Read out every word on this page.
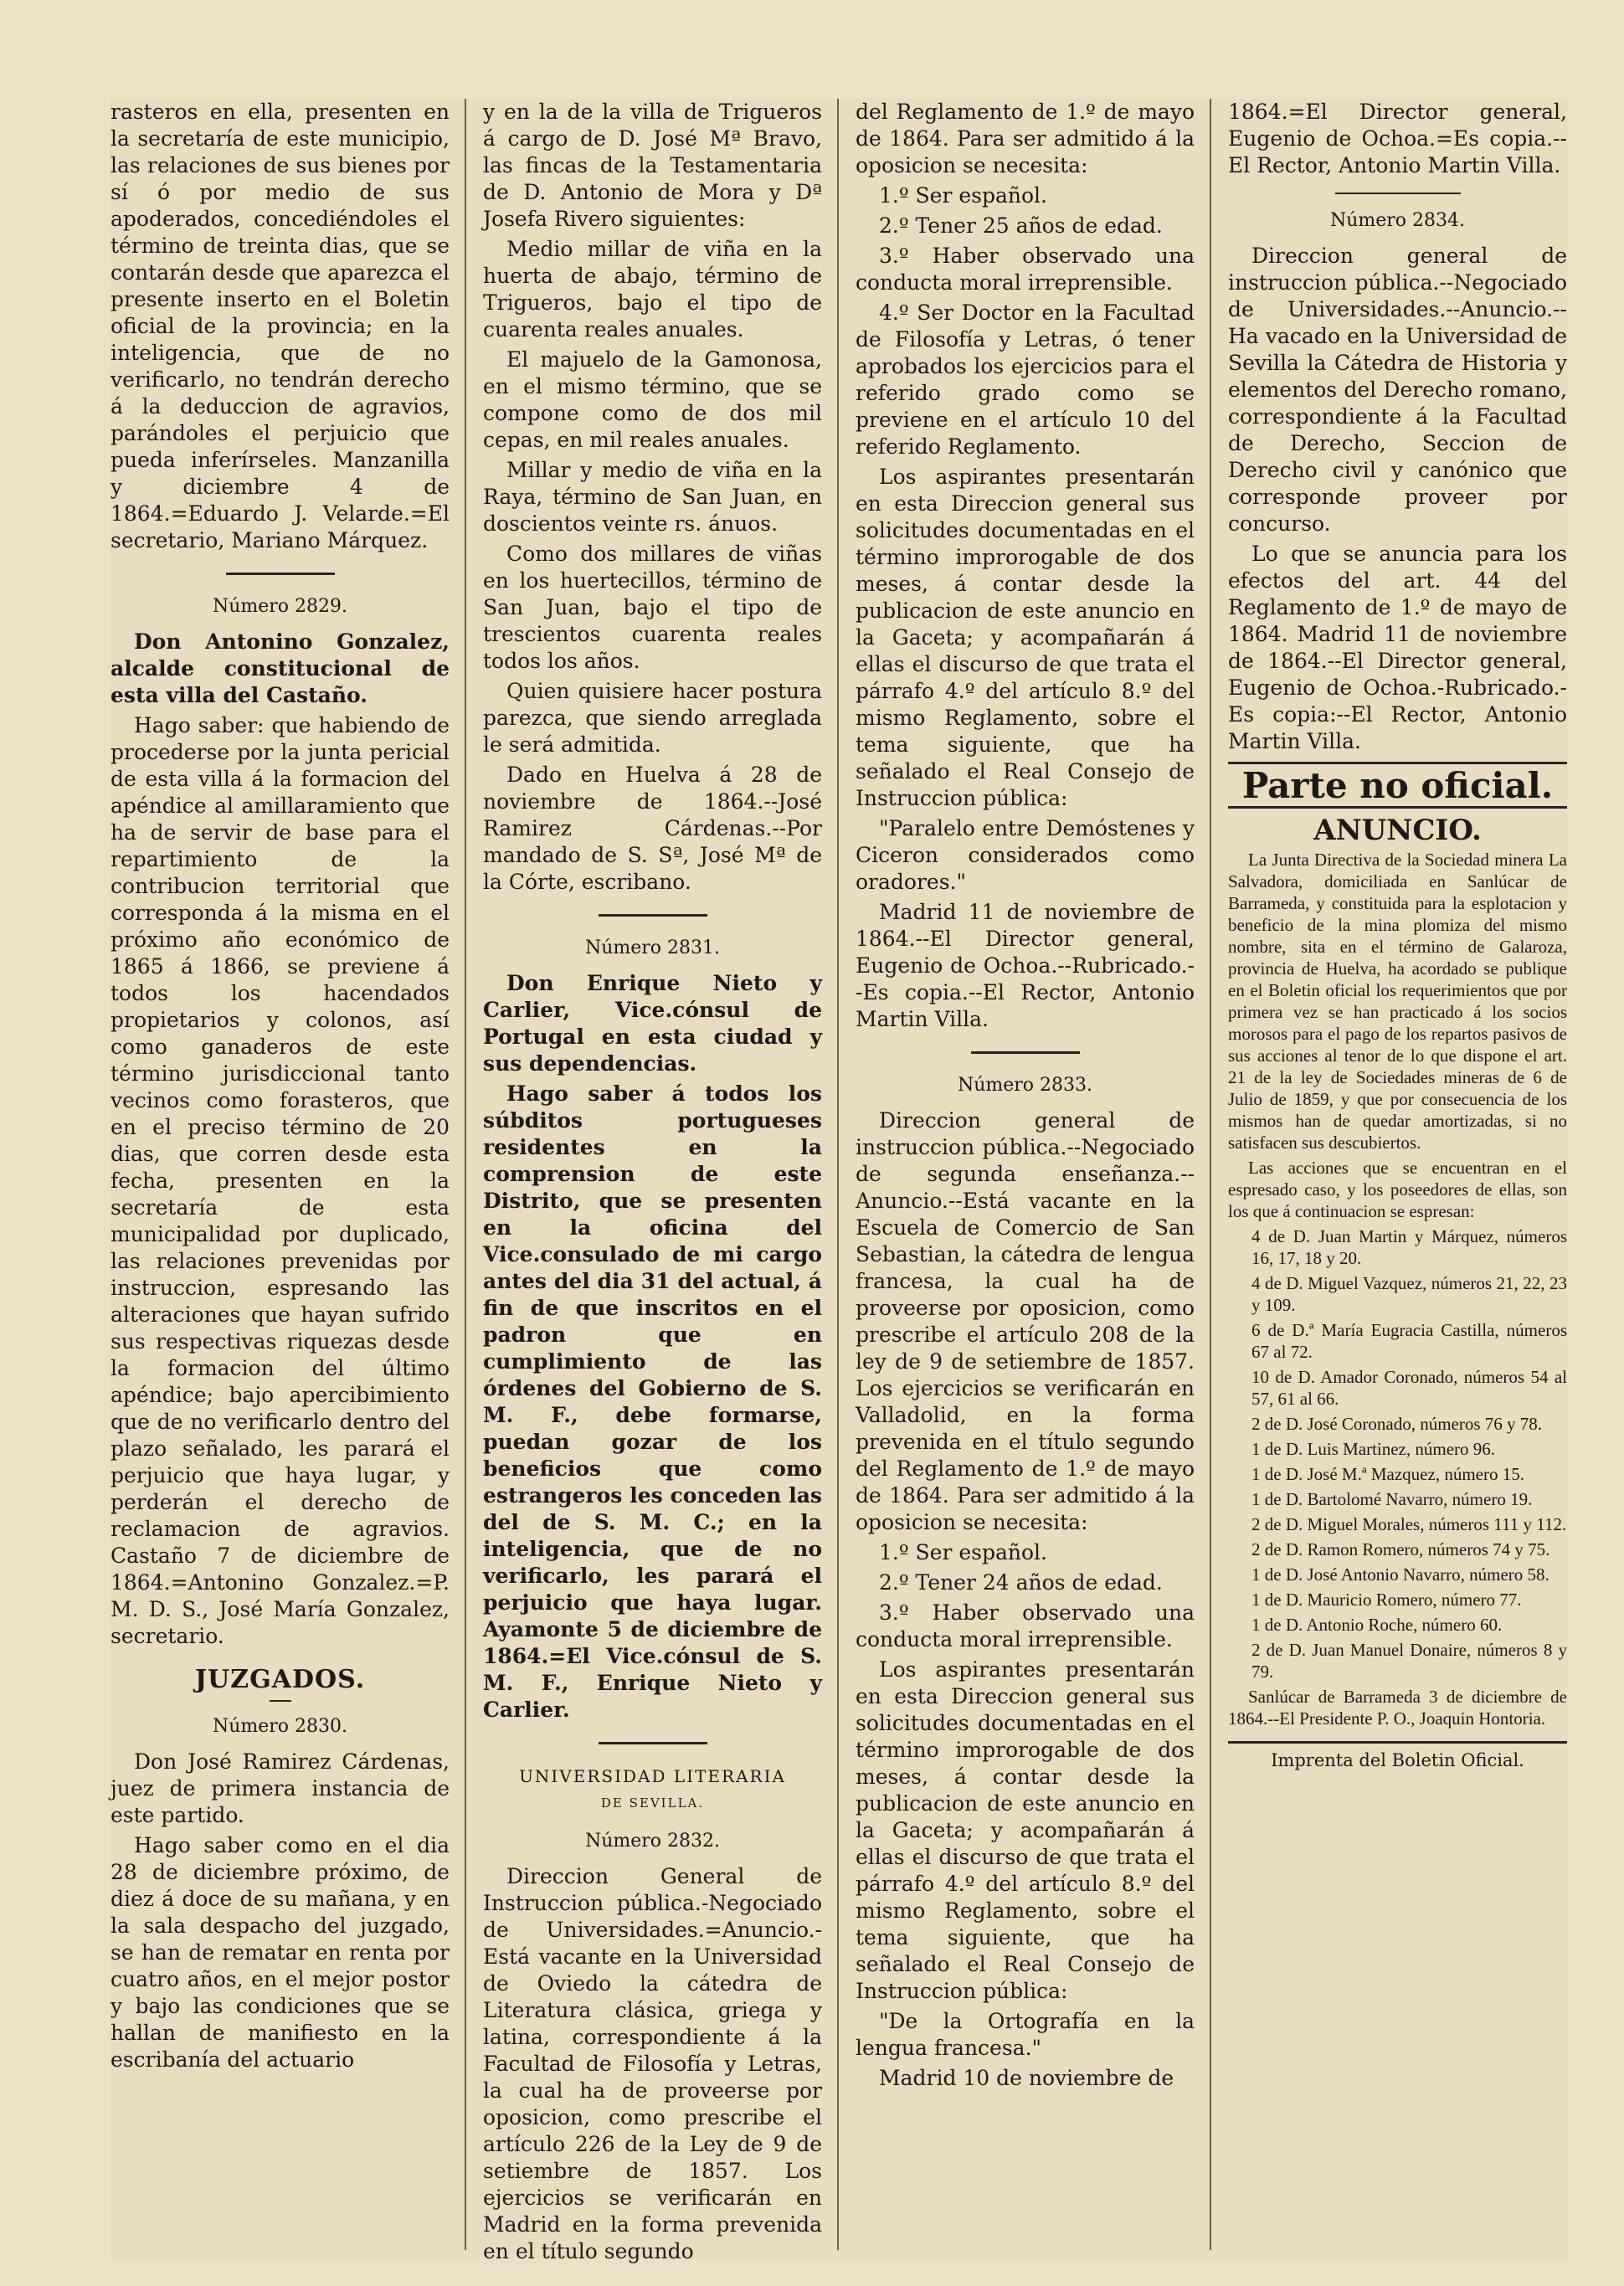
rasteros en ella, presenten en la secretaría de este municipio, las relaciones de sus bienes por sí ó por medio de sus apoderados, concediéndoles el término de treinta dias, que se contarán desde que aparezca el presente inserto en el Boletin oficial de la provincia; en la inteligencia, que de no verificarlo, no tendrán derecho á la deduccion de agravios, parándoles el perjuicio que pueda inferírseles. Manzanilla y diciembre 4 de 1864.=Eduardo J. Velarde.=El secretario, Mariano Márquez.

Número 2829.

Don Antonino Gonzalez, alcalde constitucional de esta villa del Castaño.

Hago saber: que habiendo de procederse por la junta pericial de esta villa á la formacion del apéndice al amillaramiento que ha de servir de base para el repartimiento de la contribucion territorial que corresponda á la misma en el próximo año económico de 1865 á 1866, se previene á todos los hacendados propietarios y colonos, así como ganaderos de este término jurisdiccional tanto vecinos como forasteros, que en el preciso término de 20 dias, que corren desde esta fecha, presenten en la secretaría de esta municipalidad por duplicado, las relaciones prevenidas por instruccion, espresando las alteraciones que hayan sufrido sus respectivas riquezas desde la formacion del último apéndice; bajo apercibimiento que de no verificarlo dentro del plazo señalado, les parará el perjuicio que haya lugar, y perderán el derecho de reclamacion de agravios. Castaño 7 de diciembre de 1864.=Antonino Gonzalez.=P. M. D. S., José María Gonzalez, secretario.

JUZGADOS.

Número 2830.

Don José Ramirez Cárdenas, juez de primera instancia de este partido.

Hago saber como en el dia 28 de diciembre próximo, de diez á doce de su mañana, y en la sala despacho del juzgado, se han de rematar en renta por cuatro años, en el mejor postor y bajo las condiciones que se hallan de manifiesto en la escribanía del actuario

y en la de la villa de Trigueros á cargo de D. José Mª Bravo, las fincas de la Testamentaria de D. Antonio de Mora y Dª Josefa Rivero siguientes:

Medio millar de viña en la huerta de abajo, término de Trigueros, bajo el tipo de cuarenta reales anuales.

El majuelo de la Gamonosa, en el mismo término, que se compone como de dos mil cepas, en mil reales anuales.

Millar y medio de viña en la Raya, término de San Juan, en doscientos veinte rs. ánuos.

Como dos millares de viñas en los huertecillos, término de San Juan, bajo el tipo de trescientos cuarenta reales todos los años.

Quien quisiere hacer postura parezca, que siendo arreglada le será admitida.

Dado en Huelva á 28 de noviembre de 1864.--José Ramirez Cárdenas.--Por mandado de S. Sª, José Mª de la Córte, escribano.

Número 2831.

Don Enrique Nieto y Carlier, Vice.cónsul de Portugal en esta ciudad y sus dependencias.

Hago saber á todos los súbditos portugueses residentes en la comprension de este Distrito, que se presenten en la oficina del Vice.consulado de mi cargo antes del dia 31 del actual, á fin de que inscritos en el padron que en cumplimiento de las órdenes del Gobierno de S. M. F., debe formarse, puedan gozar de los beneficios que como estrangeros les conceden las del de S. M. C.; en la inteligencia, que de no verificarlo, les parará el perjuicio que haya lugar. Ayamonte 5 de diciembre de 1864.=El Vice.cónsul de S. M. F., Enrique Nieto y Carlier.

UNIVERSIDAD LITERARIA

DE SEVILLA.

Número 2832.

Direccion General de Instruccion pública.-Negociado de Universidades.=Anuncio.-Está vacante en la Universidad de Oviedo la cátedra de Literatura clásica, griega y latina, correspondiente á la Facultad de Filosofía y Letras, la cual ha de proveerse por oposicion, como prescribe el artículo 226 de la Ley de 9 de setiembre de 1857. Los ejercicios se verificarán en Madrid en la forma prevenida en el título segundo

del Reglamento de 1.º de mayo de 1864. Para ser admitido á la oposicion se necesita:

1.º Ser español.

2.º Tener 25 años de edad.

3.º Haber observado una conducta moral irreprensible.

4.º Ser Doctor en la Facultad de Filosofía y Letras, ó tener aprobados los ejercicios para el referido grado como se previene en el artículo 10 del referido Reglamento.

Los aspirantes presentarán en esta Direccion general sus solicitudes documentadas en el término improrogable de dos meses, á contar desde la publicacion de este anuncio en la Gaceta; y acompañarán á ellas el discurso de que trata el párrafo 4.º del artículo 8.º del mismo Reglamento, sobre el tema siguiente, que ha señalado el Real Consejo de Instruccion pública:

"Paralelo entre Demóstenes y Ciceron considerados como oradores."

Madrid 11 de noviembre de 1864.--El Director general, Eugenio de Ochoa.--Rubricado.--Es copia.--El Rector, Antonio Martin Villa.

Número 2833.

Direccion general de instruccion pública.--Negociado de segunda enseñanza.--Anuncio.--Está vacante en la Escuela de Comercio de San Sebastian, la cátedra de lengua francesa, la cual ha de proveerse por oposicion, como prescribe el artículo 208 de la ley de 9 de setiembre de 1857. Los ejercicios se verificarán en Valladolid, en la forma prevenida en el título segundo del Reglamento de 1.º de mayo de 1864. Para ser admitido á la oposicion se necesita:

1.º Ser español.

2.º Tener 24 años de edad.

3.º Haber observado una conducta moral irreprensible.

Los aspirantes presentarán en esta Direccion general sus solicitudes documentadas en el término improrogable de dos meses, á contar desde la publicacion de este anuncio en la Gaceta; y acompañarán á ellas el discurso de que trata el párrafo 4.º del artículo 8.º del mismo Reglamento, sobre el tema siguiente, que ha señalado el Real Consejo de Instruccion pública:

"De la Ortografía en la lengua francesa."

Madrid 10 de noviembre de

1864.=El Director general, Eugenio de Ochoa.=Es copia.--El Rector, Antonio Martin Villa.

Número 2834.

Direccion general de instruccion pública.--Negociado de Universidades.--Anuncio.--Ha vacado en la Universidad de Sevilla la Cátedra de Historia y elementos del Derecho romano, correspondiente á la Facultad de Derecho, Seccion de Derecho civil y canónico que corresponde proveer por concurso.

Lo que se anuncia para los efectos del art. 44 del Reglamento de 1.º de mayo de 1864. Madrid 11 de noviembre de 1864.--El Director general, Eugenio de Ochoa.-Rubricado.-Es copia:--El Rector, Antonio Martin Villa.

Parte no oficial.

ANUNCIO.

La Junta Directiva de la Sociedad minera La Salvadora, domiciliada en Sanlúcar de Barrameda, y constituida para la esplotacion y beneficio de la mina plomiza del mismo nombre, sita en el término de Galaroza, provincia de Huelva, ha acordado se publique en el Boletin oficial los requerimientos que por primera vez se han practicado á los socios morosos para el pago de los repartos pasivos de sus acciones al tenor de lo que dispone el art. 21 de la ley de Sociedades mineras de 6 de Julio de 1859, y que por consecuencia de los mismos han de quedar amortizadas, si no satisfacen sus descubiertos.

Las acciones que se encuentran en el espresado caso, y los poseedores de ellas, son los que á continuacion se espresan:

4 de D. Juan Martin y Márquez, números 16, 17, 18 y 20.

4 de D. Miguel Vazquez, números 21, 22, 23 y 109.

6 de D.ª María Eugracia Castilla, números 67 al 72.

10 de D. Amador Coronado, números 54 al 57, 61 al 66.

2 de D. José Coronado, números 76 y 78.

1 de D. Luis Martinez, número 96.

1 de D. José M.ª Mazquez, número 15.

1 de D. Bartolomé Navarro, número 19.

2 de D. Miguel Morales, números 111 y 112.

2 de D. Ramon Romero, números 74 y 75.

1 de D. José Antonio Navarro, número 58.

1 de D. Mauricio Romero, número 77.

1 de D. Antonio Roche, número 60.

2 de D. Juan Manuel Donaire, números 8 y 79.

Sanlúcar de Barrameda 3 de diciembre de 1864.--El Presidente P. O., Joaquin Hontoria.

Imprenta del Boletin Oficial.
